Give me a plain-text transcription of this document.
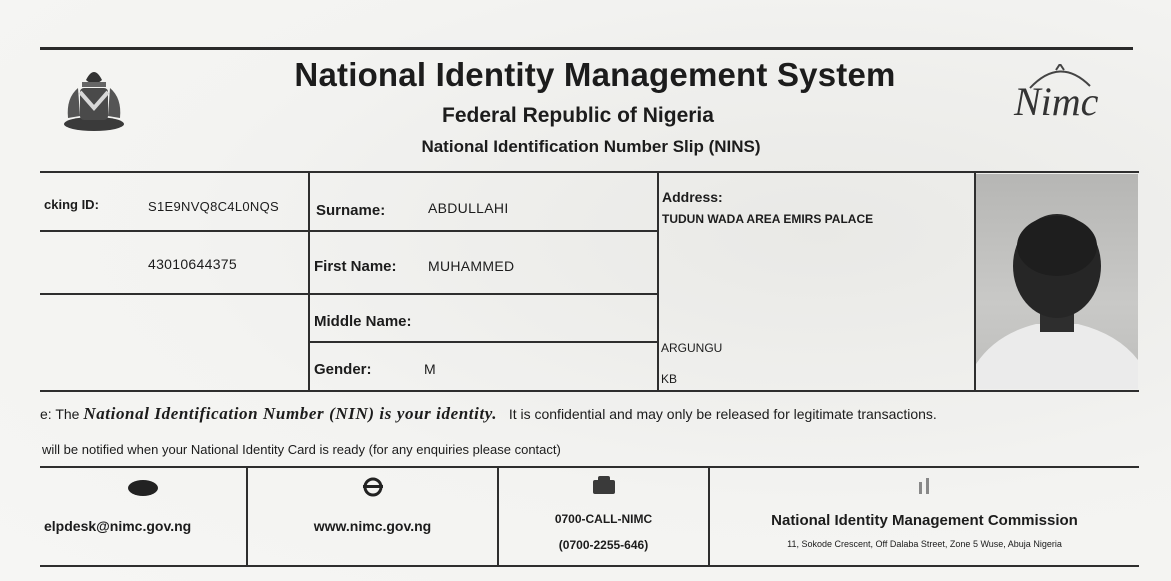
National Identity Management System
Federal Republic of Nigeria
National Identification Number Slip (NINS)
Nimc
cking ID:	S1E9NVQ8C4L0NQS
43010644375
Surname:	ABDULLAHI
First Name: MUHAMMED
Middle Name:
Gender:	M
Address:
TUDUN WADA AREA EMIRS PALACE
ARGUNGU
KB
e: The National Identification Number (NIN) is your identity. It is confidential and may only be released for legitimate transactions.
will be notified when your National Identity Card is ready (for any enquiries please contact)
elpdesk@nimc.gov.ng	www.nimc.gov.ng	0700-CALL-NIMC
(0700-2255-646)
National Identity Management Commission
11, Sokode Crescent, Off Dalaba Street, Zone 5 Wuse, Abuja Nigeria
